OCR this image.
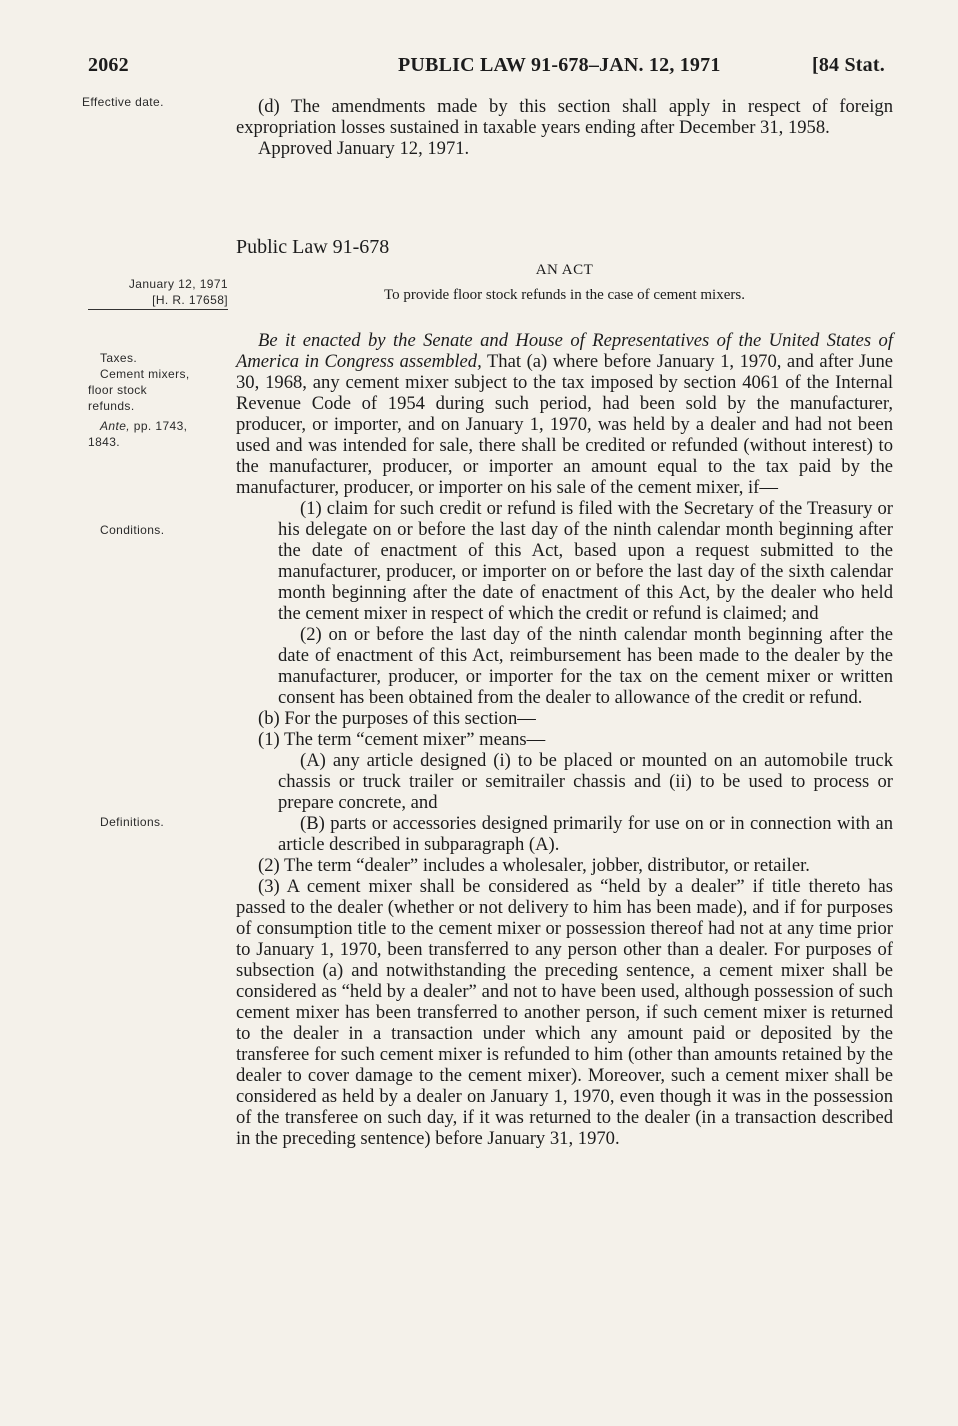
2062	PUBLIC LAW 91-678–JAN. 12, 1971	[84 Stat.
Effective date.
January 12, 1971
[H. R. 17658]
Taxes.
Cement mixers,
floor stock
refunds.
Ante, pp. 1743,
1843.
Conditions.
Definitions.
(d) The amendments made by this section shall apply in respect of foreign expropriation losses sustained in taxable years ending after December 31, 1958.
Approved January 12, 1971.
Public Law 91-678
AN ACT
To provide floor stock refunds in the case of cement mixers.
Be it enacted by the Senate and House of Representatives of the United States of America in Congress assembled, That (a) where before January 1, 1970, and after June 30, 1968, any cement mixer subject to the tax imposed by section 4061 of the Internal Revenue Code of 1954 during such period, had been sold by the manufacturer, producer, or importer, and on January 1, 1970, was held by a dealer and had not been used and was intended for sale, there shall be credited or refunded (without interest) to the manufacturer, producer, or importer an amount equal to the tax paid by the manufacturer, producer, or importer on his sale of the cement mixer, if—
(1) claim for such credit or refund is filed with the Secretary of the Treasury or his delegate on or before the last day of the ninth calendar month beginning after the date of enactment of this Act, based upon a request submitted to the manufacturer, producer, or importer on or before the last day of the sixth calendar month beginning after the date of enactment of this Act, by the dealer who held the cement mixer in respect of which the credit or refund is claimed; and
(2) on or before the last day of the ninth calendar month beginning after the date of enactment of this Act, reimbursement has been made to the dealer by the manufacturer, producer, or importer for the tax on the cement mixer or written consent has been obtained from the dealer to allowance of the credit or refund.
(b) For the purposes of this section—
(1) The term “cement mixer” means—
(A) any article designed (i) to be placed or mounted on an automobile truck chassis or truck trailer or semitrailer chassis and (ii) to be used to process or prepare concrete, and
(B) parts or accessories designed primarily for use on or in connection with an article described in subparagraph (A).
(2) The term “dealer” includes a wholesaler, jobber, distributor, or retailer.
(3) A cement mixer shall be considered as “held by a dealer” if title thereto has passed to the dealer (whether or not delivery to him has been made), and if for purposes of consumption title to the cement mixer or possession thereof had not at any time prior to January 1, 1970, been transferred to any person other than a dealer. For purposes of subsection (a) and notwithstanding the preceding sentence, a cement mixer shall be considered as “held by a dealer” and not to have been used, although possession of such cement mixer has been transferred to another person, if such cement mixer is returned to the dealer in a transaction under which any amount paid or deposited by the transferee for such cement mixer is refunded to him (other than amounts retained by the dealer to cover damage to the cement mixer). Moreover, such a cement mixer shall be considered as held by a dealer on January 1, 1970, even though it was in the possession of the transferee on such day, if it was returned to the dealer (in a transaction described in the preceding sentence) before January 31, 1970.
